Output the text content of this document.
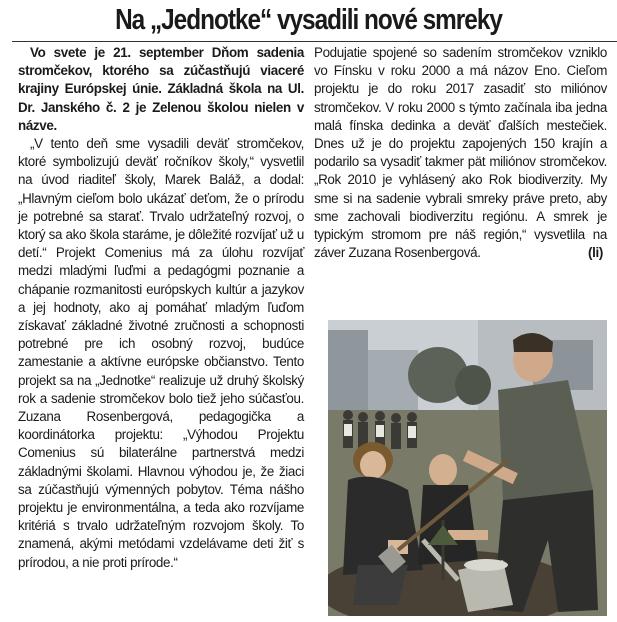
Na „Jednotke“ vysadili nové smreky

Vo svete je 21. september Dňom sadenia stromčekov, ktorého sa zúčastňujú viaceré krajiny Európskej únie. Základná škola na Ul. Dr. Janského č. 2 je Zelenou školou nielen v názve.

„V tento deň sme vysadili deväť stromčekov, ktoré symbolizujú deväť ročníkov školy,“ vysvetlil na úvod riaditeľ školy, Marek Baláž, a dodal: „Hlavným cieľom bolo ukázať deťom, že o prírodu je potrebné sa starať. Trvalo udržateľný rozvoj, o ktorý sa ako škola staráme, je dôležité rozvíjať už u detí.“ Projekt Comenius má za úlohu rozvíjať medzi mladými ľuďmi a pedagógmi poznanie a chápanie rozmanitosti európskych kultúr a jazykov a jej hodnoty, ako aj pomáhať mladým ľuďom získavať základné životné zručnosti a schopnosti potrebné pre ich osobný rozvoj, budúce zamestanie a aktívne európske občianstvo. Tento projekt sa na „Jednotke“ realizuje už druhý školský rok a sadenie stromčekov bolo tiež jeho súčasťou. Zuzana Rosenbergová, pedagogička a koordinátorka projektu: „Výhodou Projektu Comenius sú bilaterálne partnerstvá medzi základnými školami. Hlavnou výhodou je, že žiaci sa zúčastňujú výmenných pobytov. Téma nášho projektu je environmentálna, a teda ako rozvíjame kritériá s trvalo udržateľným rozvojom školy. To znamená, akými metódami vzdelávame deti žiť s prírodou, a nie proti prírode.“

Podujatie spojené so sadením stromčekov vzniklo vo Fínsku v roku 2000 a má názov Eno. Cieľom projektu je do roku 2017 zasadiť sto miliónov stromčekov. V roku 2000 s týmto začínala iba jedna malá fínska dedinka a deväť ďalších mestečiek. Dnes už je do projektu zapojených 150 krajín a podarilo sa vysadiť takmer pät miliónov stromčekov. „Rok 2010 je vyhlásený ako Rok biodiverzity. My sme si na sadenie vybrali smreky práve preto, aby sme zachovali biodiverzitu regiónu. A smrek je typickým stromom pre náš región,“ vysvetlila na záver Zuzana Rosenbergová.	(li)
